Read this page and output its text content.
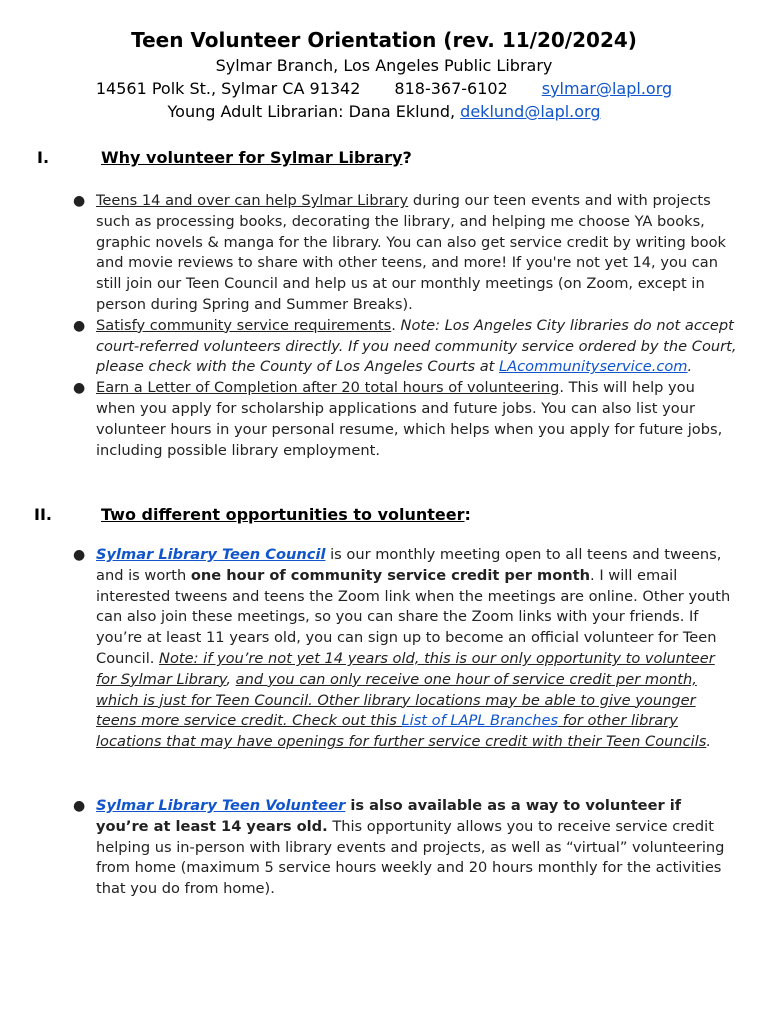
Teen Volunteer Orientation (rev. 11/20/2024)

Sylmar Branch, Los Angeles Public Library

14561 Polk St., Sylmar CA 91342 818-367-6102 sylmar@lapl.org

Young Adult Librarian: Dana Eklund, deklund@lapl.org

I.	Why volunteer for Sylmar Library?
● Teens 14 and over can help Sylmar Library during our teen events and with projects such as processing books, decorating the library, and helping me choose YA books, graphic novels & manga for the library. You can also get service credit by writing book and movie reviews to share with other teens, and more! If you're not yet 14, you can still join our Teen Council and help us at our monthly meetings (on Zoom, except in person during Spring and Summer Breaks).
● Satisfy community service requirements. Note: Los Angeles City libraries do not accept court-referred volunteers directly. If you need community service ordered by the Court, please check with the County of Los Angeles Courts at LAcommunityservice.com.
● Earn a Letter of Completion after 20 total hours of volunteering. This will help you when you apply for scholarship applications and future jobs. You can also list your volunteer hours in your personal resume, which helps when you apply for future jobs, including possible library employment.
II.	Two different opportunities to volunteer:
● Sylmar Library Teen Council is our monthly meeting open to all teens and tweens, and is worth one hour of community service credit per month. I will email interested tweens and teens the Zoom link when the meetings are online. Other youth can also join these meetings, so you can share the Zoom links with your friends. If you’re at least 11 years old, you can sign up to become an official volunteer for Teen Council. Note: if you’re not yet 14 years old, this is our only opportunity to volunteer for Sylmar Library, and you can only receive one hour of service credit per month, which is just for Teen Council. Other library locations may be able to give younger teens more service credit. Check out this List of LAPL Branches for other library locations that may have openings for further service credit with their Teen Councils.
● Sylmar Library Teen Volunteer is also available as a way to volunteer if you’re at least 14 years old. This opportunity allows you to receive service credit helping us in-person with library events and projects, as well as “virtual” volunteering from home (maximum 5 service hours weekly and 20 hours monthly for the activities that you do from home).
